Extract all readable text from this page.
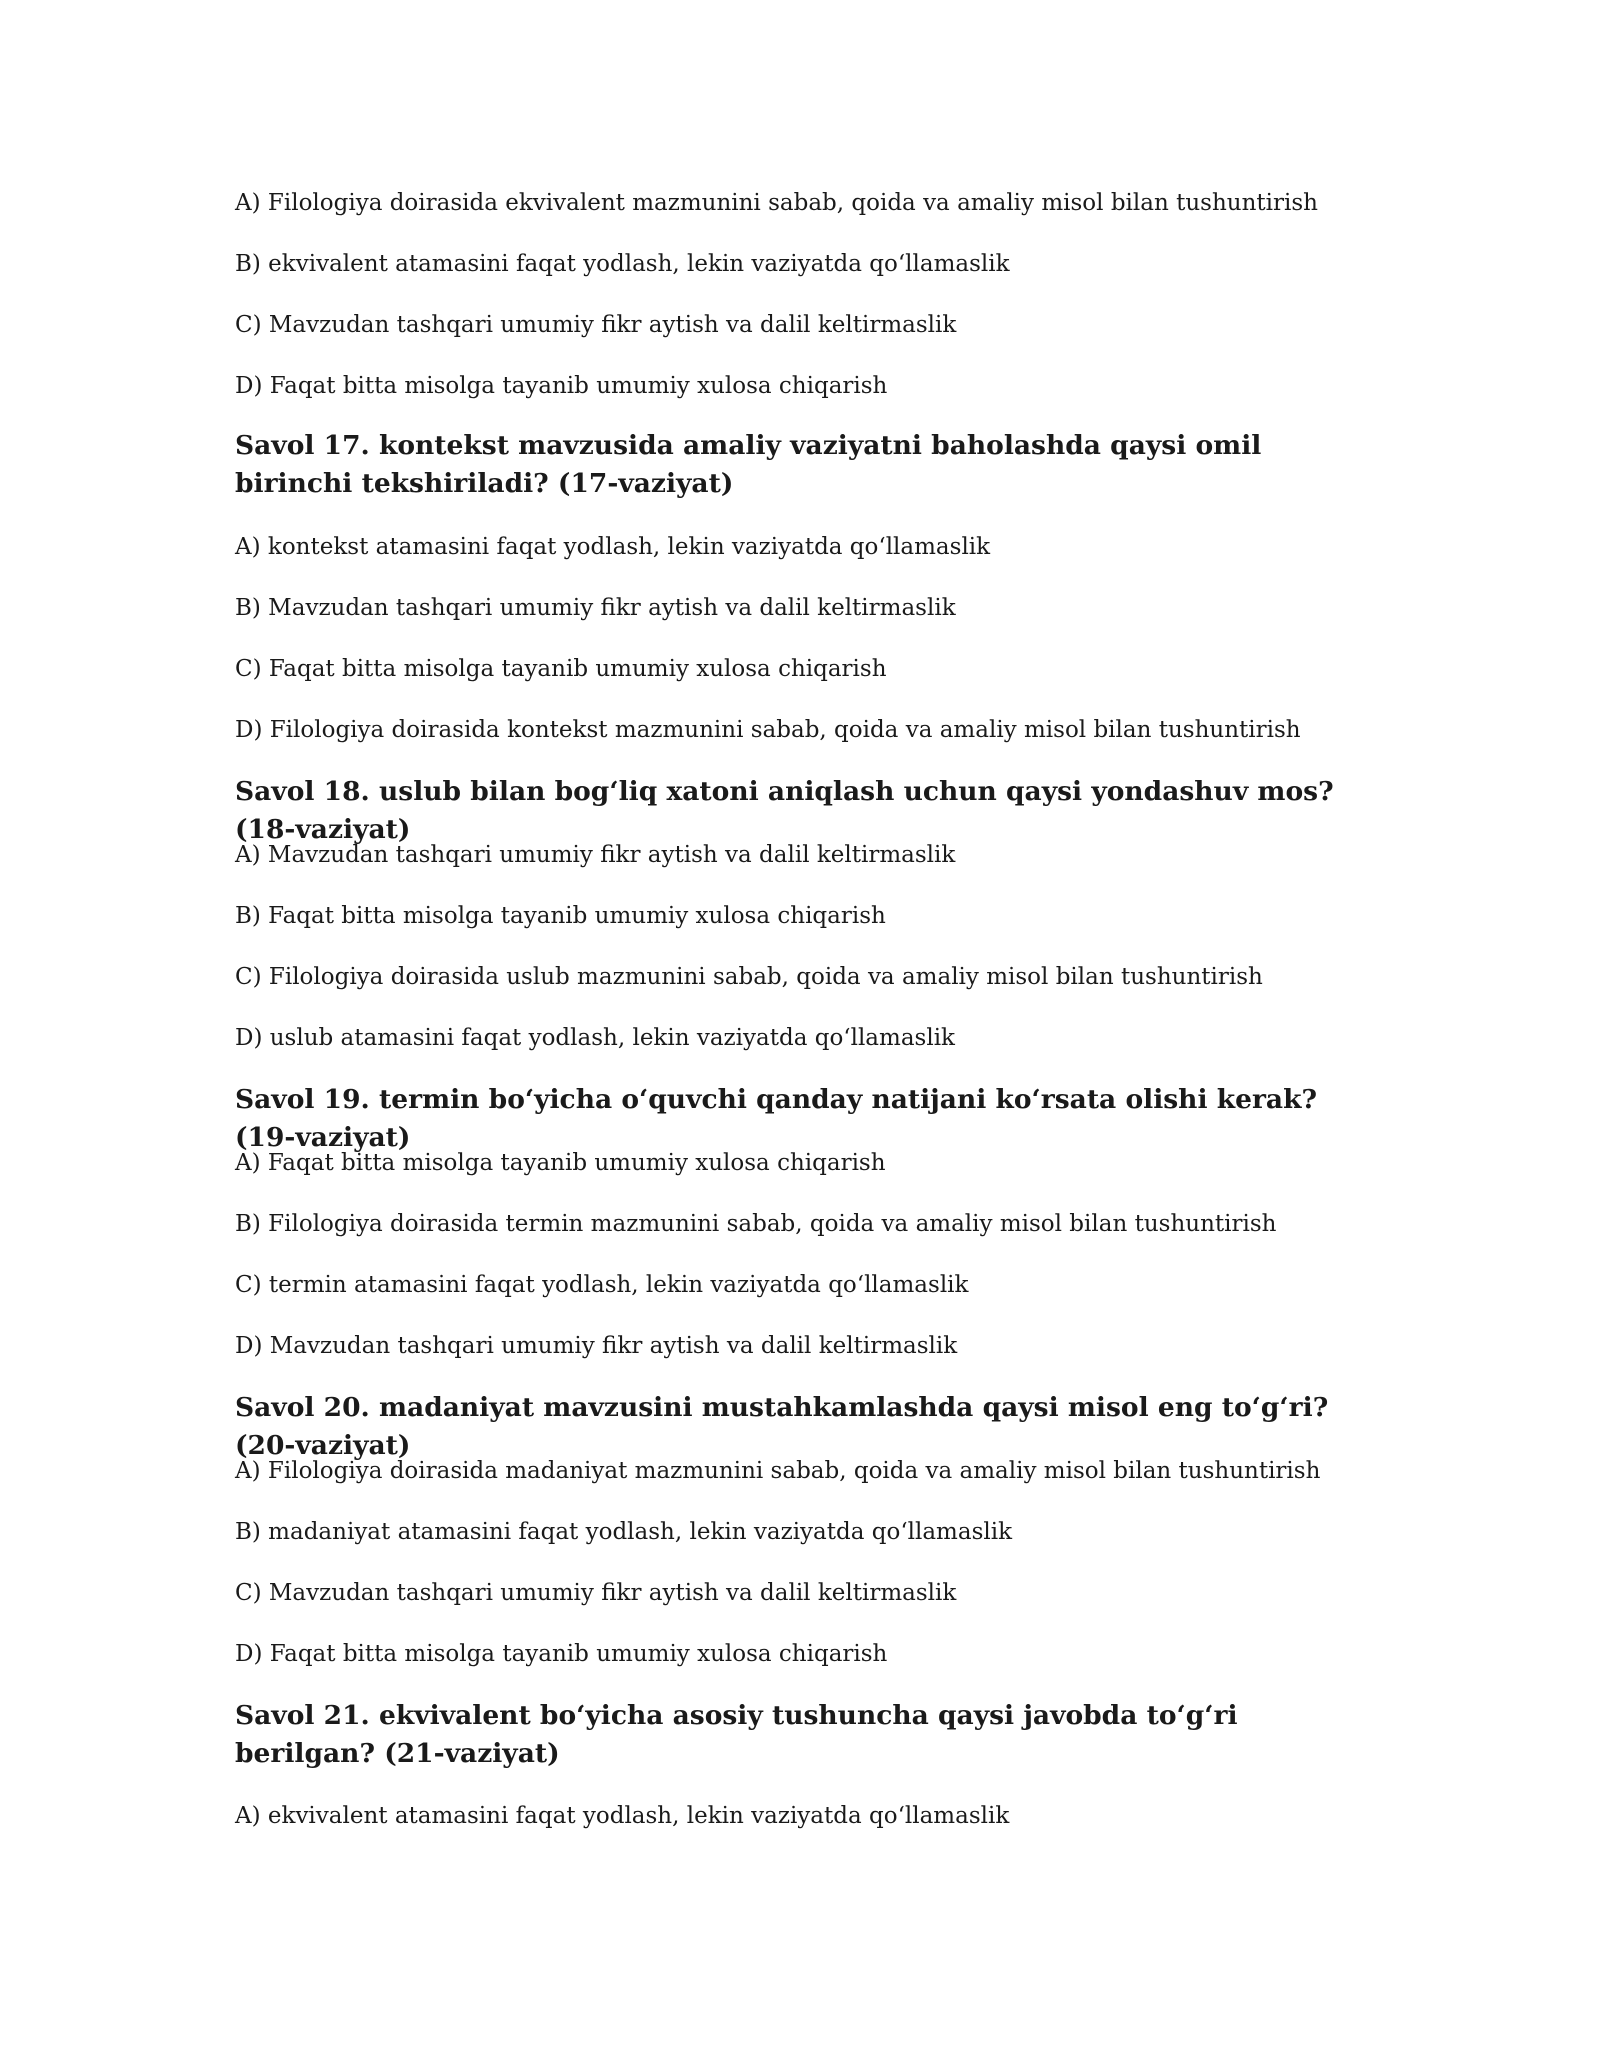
A) Filologiya doirasida ekvivalent mazmunini sabab, qoida va amaliy misol bilan tushuntirish

B) ekvivalent atamasini faqat yodlash, lekin vaziyatda qo‘llamaslik

C) Mavzudan tashqari umumiy fikr aytish va dalil keltirmaslik

D) Faqat bitta misolga tayanib umumiy xulosa chiqarish

Savol 17. kontekst mavzusida amaliy vaziyatni baholashda qaysi omil birinchi tekshiriladi? (17-vaziyat)

A) kontekst atamasini faqat yodlash, lekin vaziyatda qo‘llamaslik

B) Mavzudan tashqari umumiy fikr aytish va dalil keltirmaslik

C) Faqat bitta misolga tayanib umumiy xulosa chiqarish

D) Filologiya doirasida kontekst mazmunini sabab, qoida va amaliy misol bilan tushuntirish

Savol 18. uslub bilan bog‘liq xatoni aniqlash uchun qaysi yondashuv mos? (18-vaziyat)

A) Mavzudan tashqari umumiy fikr aytish va dalil keltirmaslik

B) Faqat bitta misolga tayanib umumiy xulosa chiqarish

C) Filologiya doirasida uslub mazmunini sabab, qoida va amaliy misol bilan tushuntirish

D) uslub atamasini faqat yodlash, lekin vaziyatda qo‘llamaslik

Savol 19. termin bo‘yicha o‘quvchi qanday natijani ko‘rsata olishi kerak? (19-vaziyat)

A) Faqat bitta misolga tayanib umumiy xulosa chiqarish

B) Filologiya doirasida termin mazmunini sabab, qoida va amaliy misol bilan tushuntirish

C) termin atamasini faqat yodlash, lekin vaziyatda qo‘llamaslik

D) Mavzudan tashqari umumiy fikr aytish va dalil keltirmaslik

Savol 20. madaniyat mavzusini mustahkamlashda qaysi misol eng to‘g‘ri? (20-vaziyat)

A) Filologiya doirasida madaniyat mazmunini sabab, qoida va amaliy misol bilan tushuntirish

B) madaniyat atamasini faqat yodlash, lekin vaziyatda qo‘llamaslik

C) Mavzudan tashqari umumiy fikr aytish va dalil keltirmaslik

D) Faqat bitta misolga tayanib umumiy xulosa chiqarish

Savol 21. ekvivalent bo‘yicha asosiy tushuncha qaysi javobda to‘g‘ri berilgan? (21-vaziyat)

A) ekvivalent atamasini faqat yodlash, lekin vaziyatda qo‘llamaslik
